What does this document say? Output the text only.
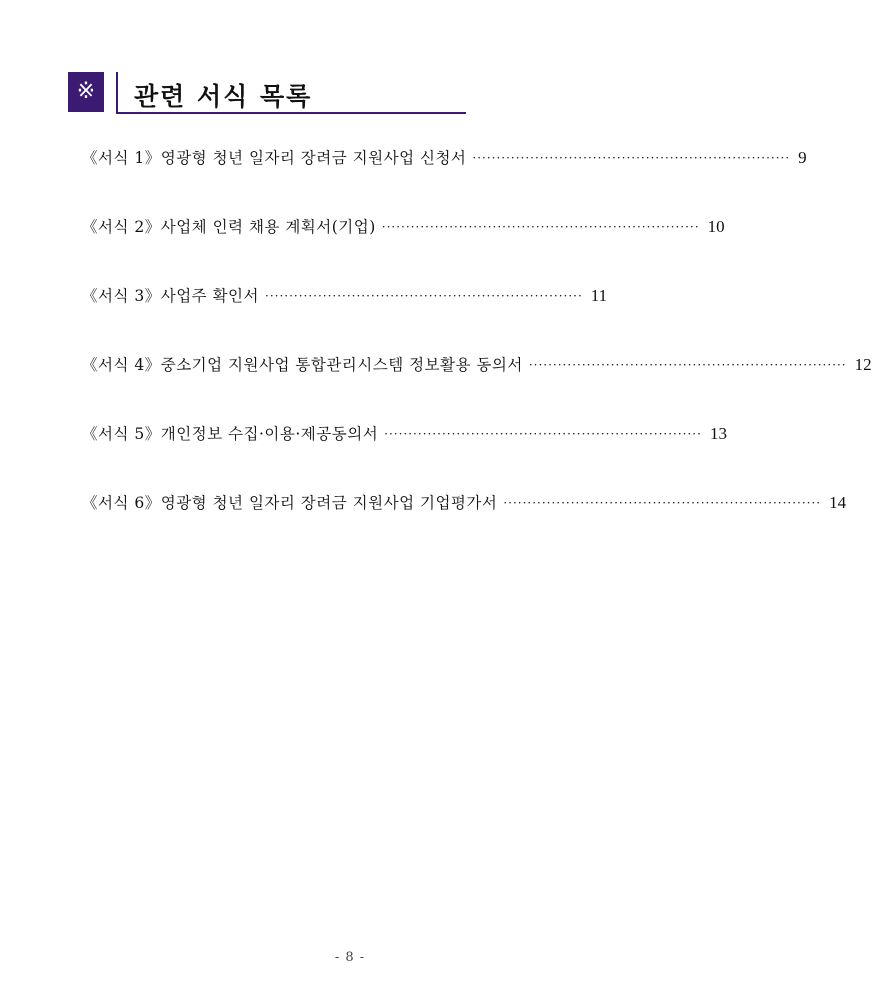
※	관련 서식 목록
《서식 1》영광형 청년 일자리 장려금 지원사업 신청서 ·································································· 9
《서식 2》사업체 인력 채용 계획서(기업) ·································································· 10
《서식 3》사업주 확인서 ·································································· 11
《서식 4》중소기업 지원사업 통합관리시스템 정보활용 동의서 ·································································· 12
《서식 5》개인정보 수집·이용·제공동의서 ·································································· 13
《서식 6》영광형 청년 일자리 장려금 지원사업 기업평가서 ·································································· 14
- 8 -
